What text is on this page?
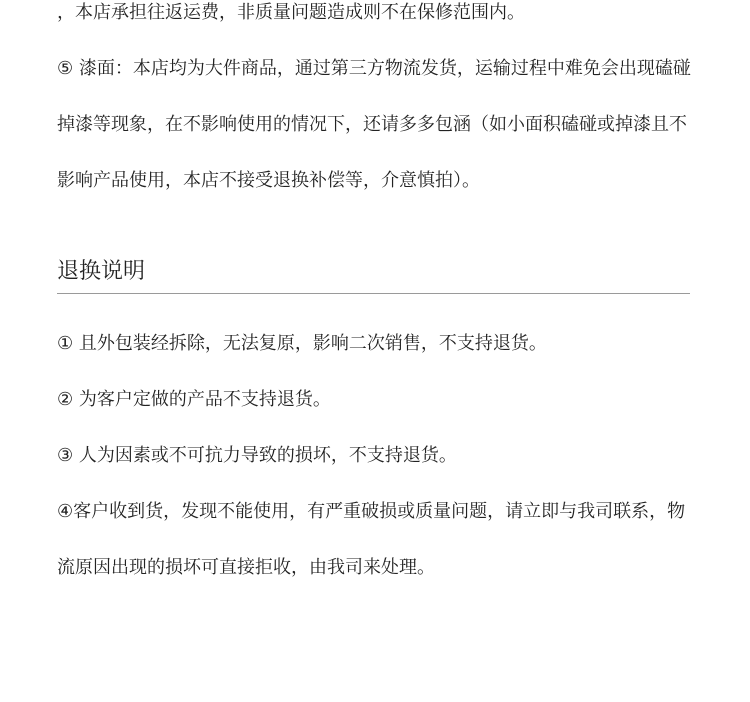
，本店承担往返运费，非质量问题造成则不在保修范围内。
⑤ 漆面：本店均为大件商品，通过第三方物流发货，运输过程中难免会出现磕碰
掉漆等现象，在不影响使用的情况下，还请多多包涵（如小面积磕碰或掉漆且不
影响产品使用，本店不接受退换补偿等，介意慎拍）。
退换说明
① 且外包装经拆除，无法复原，影响二次销售，不支持退货。
② 为客户定做的产品不支持退货。
③ 人为因素或不可抗力导致的损坏，不支持退货。
④客户收到货，发现不能使用，有严重破损或质量问题，请立即与我司联系，物
流原因出现的损坏可直接拒收，由我司来处理。
